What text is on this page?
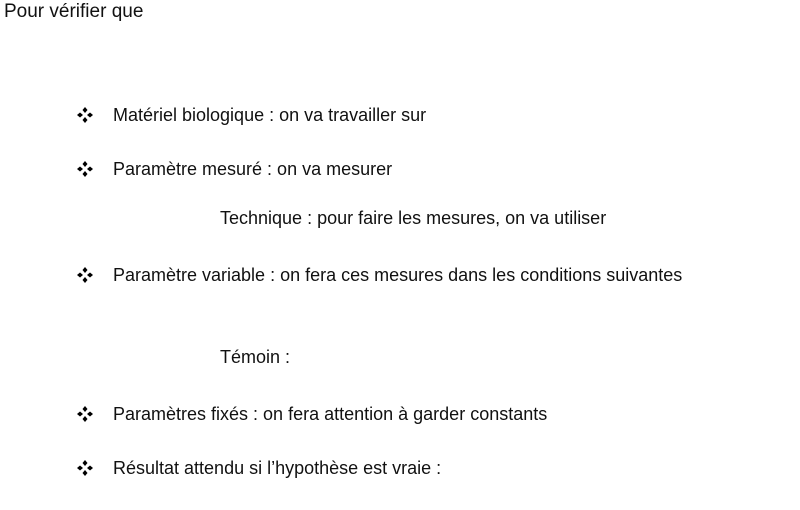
Pour vérifier que
Matériel biologique : on va travailler sur
Paramètre mesuré : on va mesurer
Technique : pour faire les mesures, on va utiliser
Paramètre variable : on fera ces mesures dans les conditions suivantes
Témoin :
Paramètres fixés : on fera attention à garder constants
Résultat attendu si l’hypothèse est vraie :
